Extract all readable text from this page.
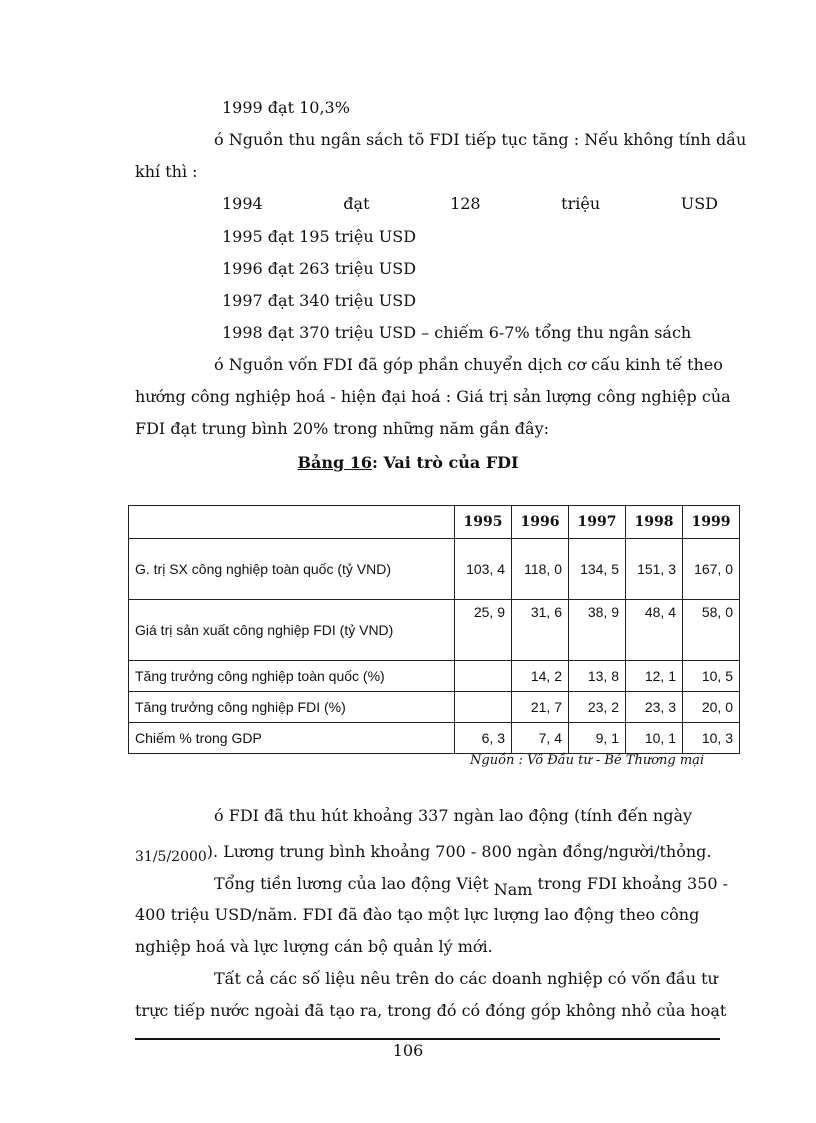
1999 đạt 10,3%
ó Nguồn thu ngân sách tõ FDI tiếp tục tăng : Nếu không tính dầu
khí thì :
1994	đạt	128	triệu	USD
1995 đạt 195 triệu USD
1996 đạt 263 triệu USD
1997 đạt 340 triệu USD
1998 đạt 370 triệu USD – chiếm 6-7% tổng thu ngân sách
ó Nguồn vốn FDI đã góp phần chuyển dịch cơ cấu kinh tế theo
hướng công nghiệp hoá - hiện đại hoá : Giá trị sản lượng công nghiệp của
FDI đạt trung bình 20% trong những năm gần đây:
Bảng 16: Vai trò của FDI
	1995	1996	1997	1998	1999
G. trị SX công nghiệp toàn quốc (tỷ VND)	103, 4	118, 0	134, 5	151, 3	167, 0
Giá trị sản xuất công nghiệp FDI (tỷ VND)	25, 9	31, 6	38, 9	48, 4	58, 0
Tăng trưởng công nghiệp toàn quốc (%)		14, 2	13, 8	12, 1	10, 5
Tăng trưởng công nghiệp FDI (%)		21, 7	23, 2	23, 3	20, 0
Chiếm % trong GDP	6, 3	7, 4	9, 1	10, 1	10, 3
Nguồn : Vô Đầu tư - Bé Thương mại
ó FDI đã thu hút khoảng 337 ngàn lao động (tính đến ngày
31/5/2000). Lương trung bình khoảng 700 - 800 ngàn đồng/người/thỏng.
Tổng tiền lương của lao động Việt Nam trong FDI khoảng 350 -
400 triệu USD/năm. FDI đã đào tạo một lực lượng lao động theo công
nghiệp hoá và lực lượng cán bộ quản lý mới.
Tất cả các số liệu nêu trên do các doanh nghiệp có vốn đầu tư
trực tiếp nước ngoài đã tạo ra, trong đó có đóng góp không nhỏ của hoạt
106
